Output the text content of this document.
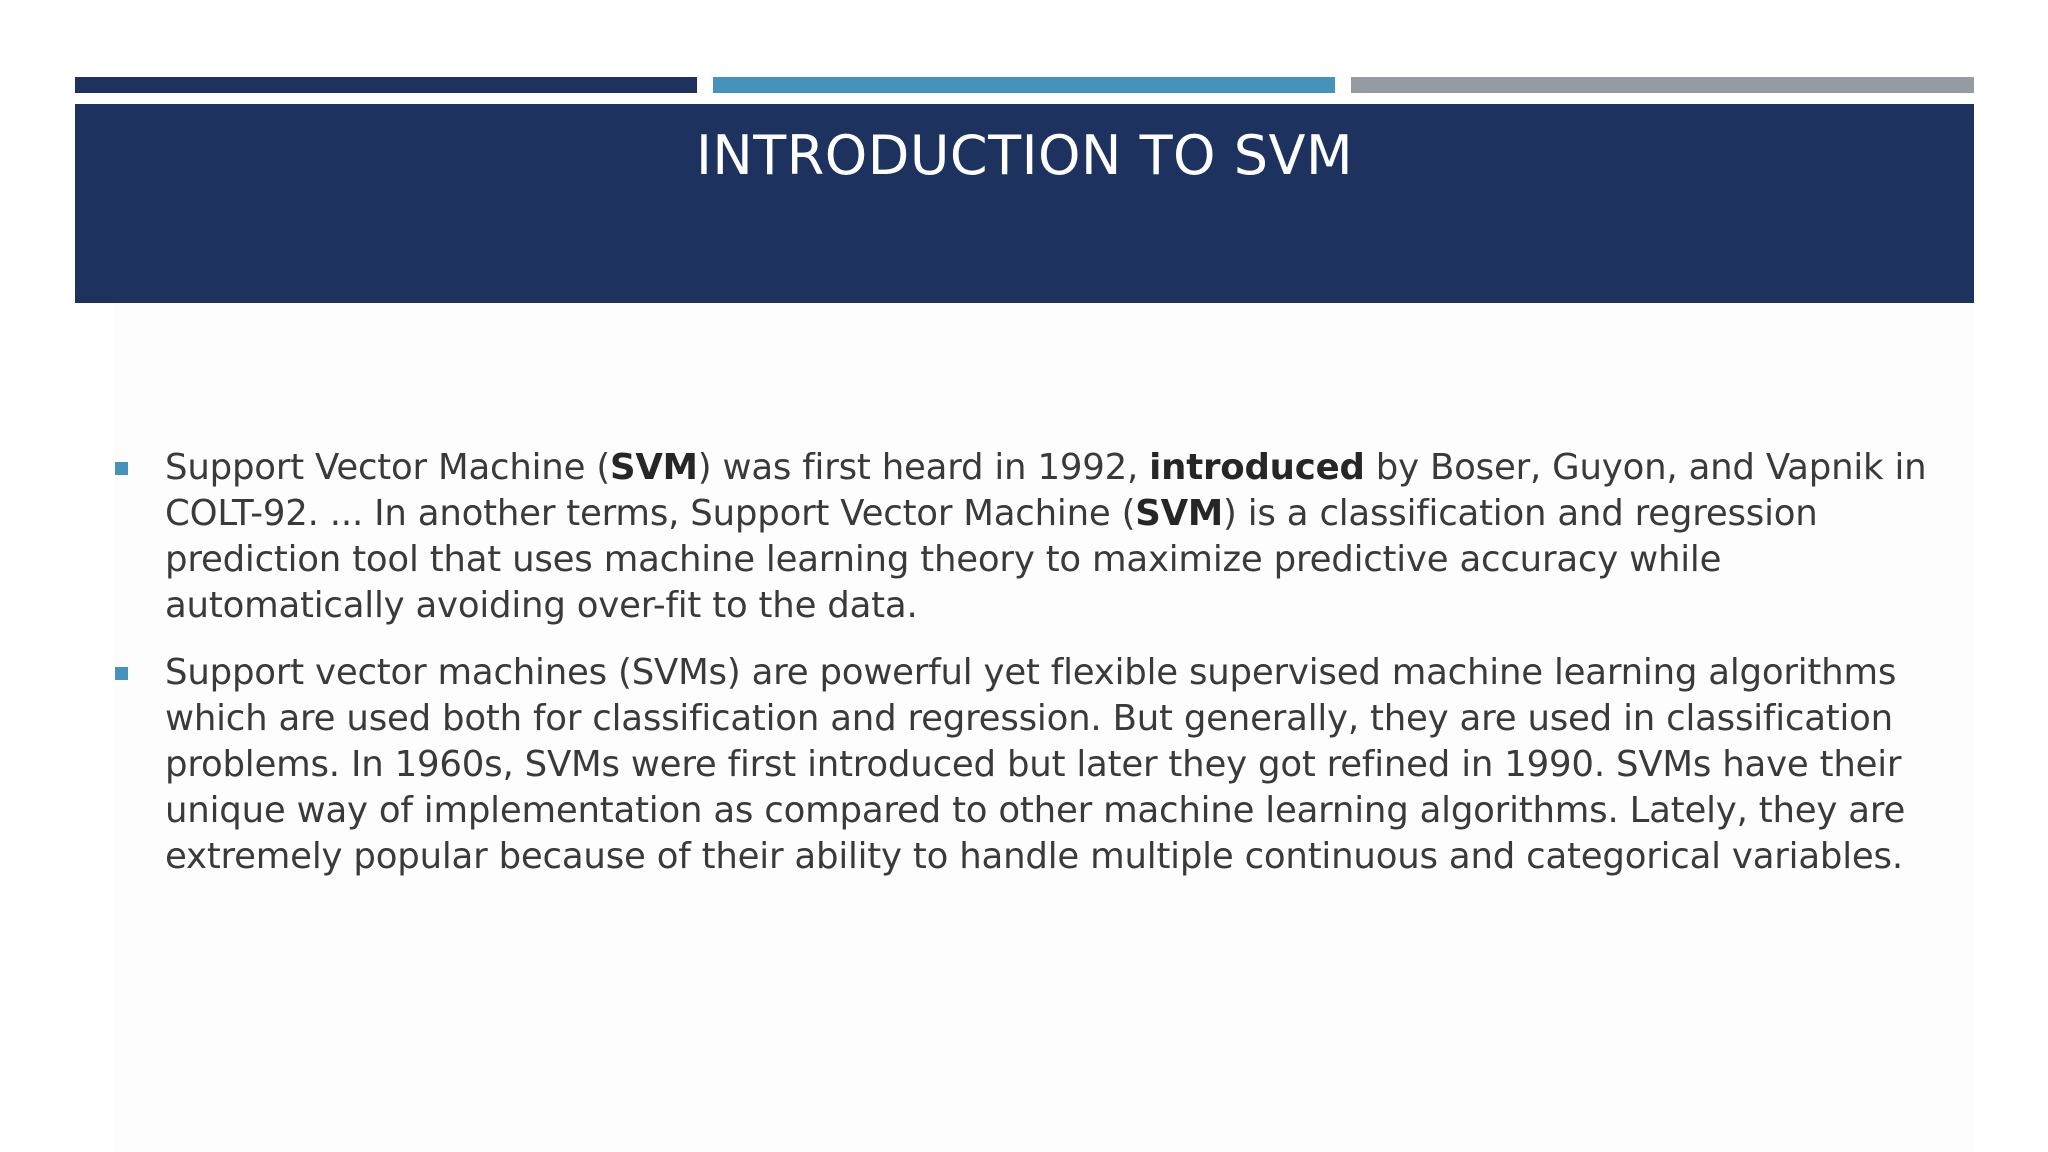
INTRODUCTION TO SVM
Support Vector Machine (SVM) was first heard in 1992, introduced by Boser, Guyon, and Vapnik in COLT-92. ... In another terms, Support Vector Machine (SVM) is a classification and regression prediction tool that uses machine learning theory to maximize predictive accuracy while automatically avoiding over-fit to the data.
Support vector machines (SVMs) are powerful yet flexible supervised machine learning algorithms which are used both for classification and regression. But generally, they are used in classification problems. In 1960s, SVMs were first introduced but later they got refined in 1990. SVMs have their unique way of implementation as compared to other machine learning algorithms. Lately, they are extremely popular because of their ability to handle multiple continuous and categorical variables.
